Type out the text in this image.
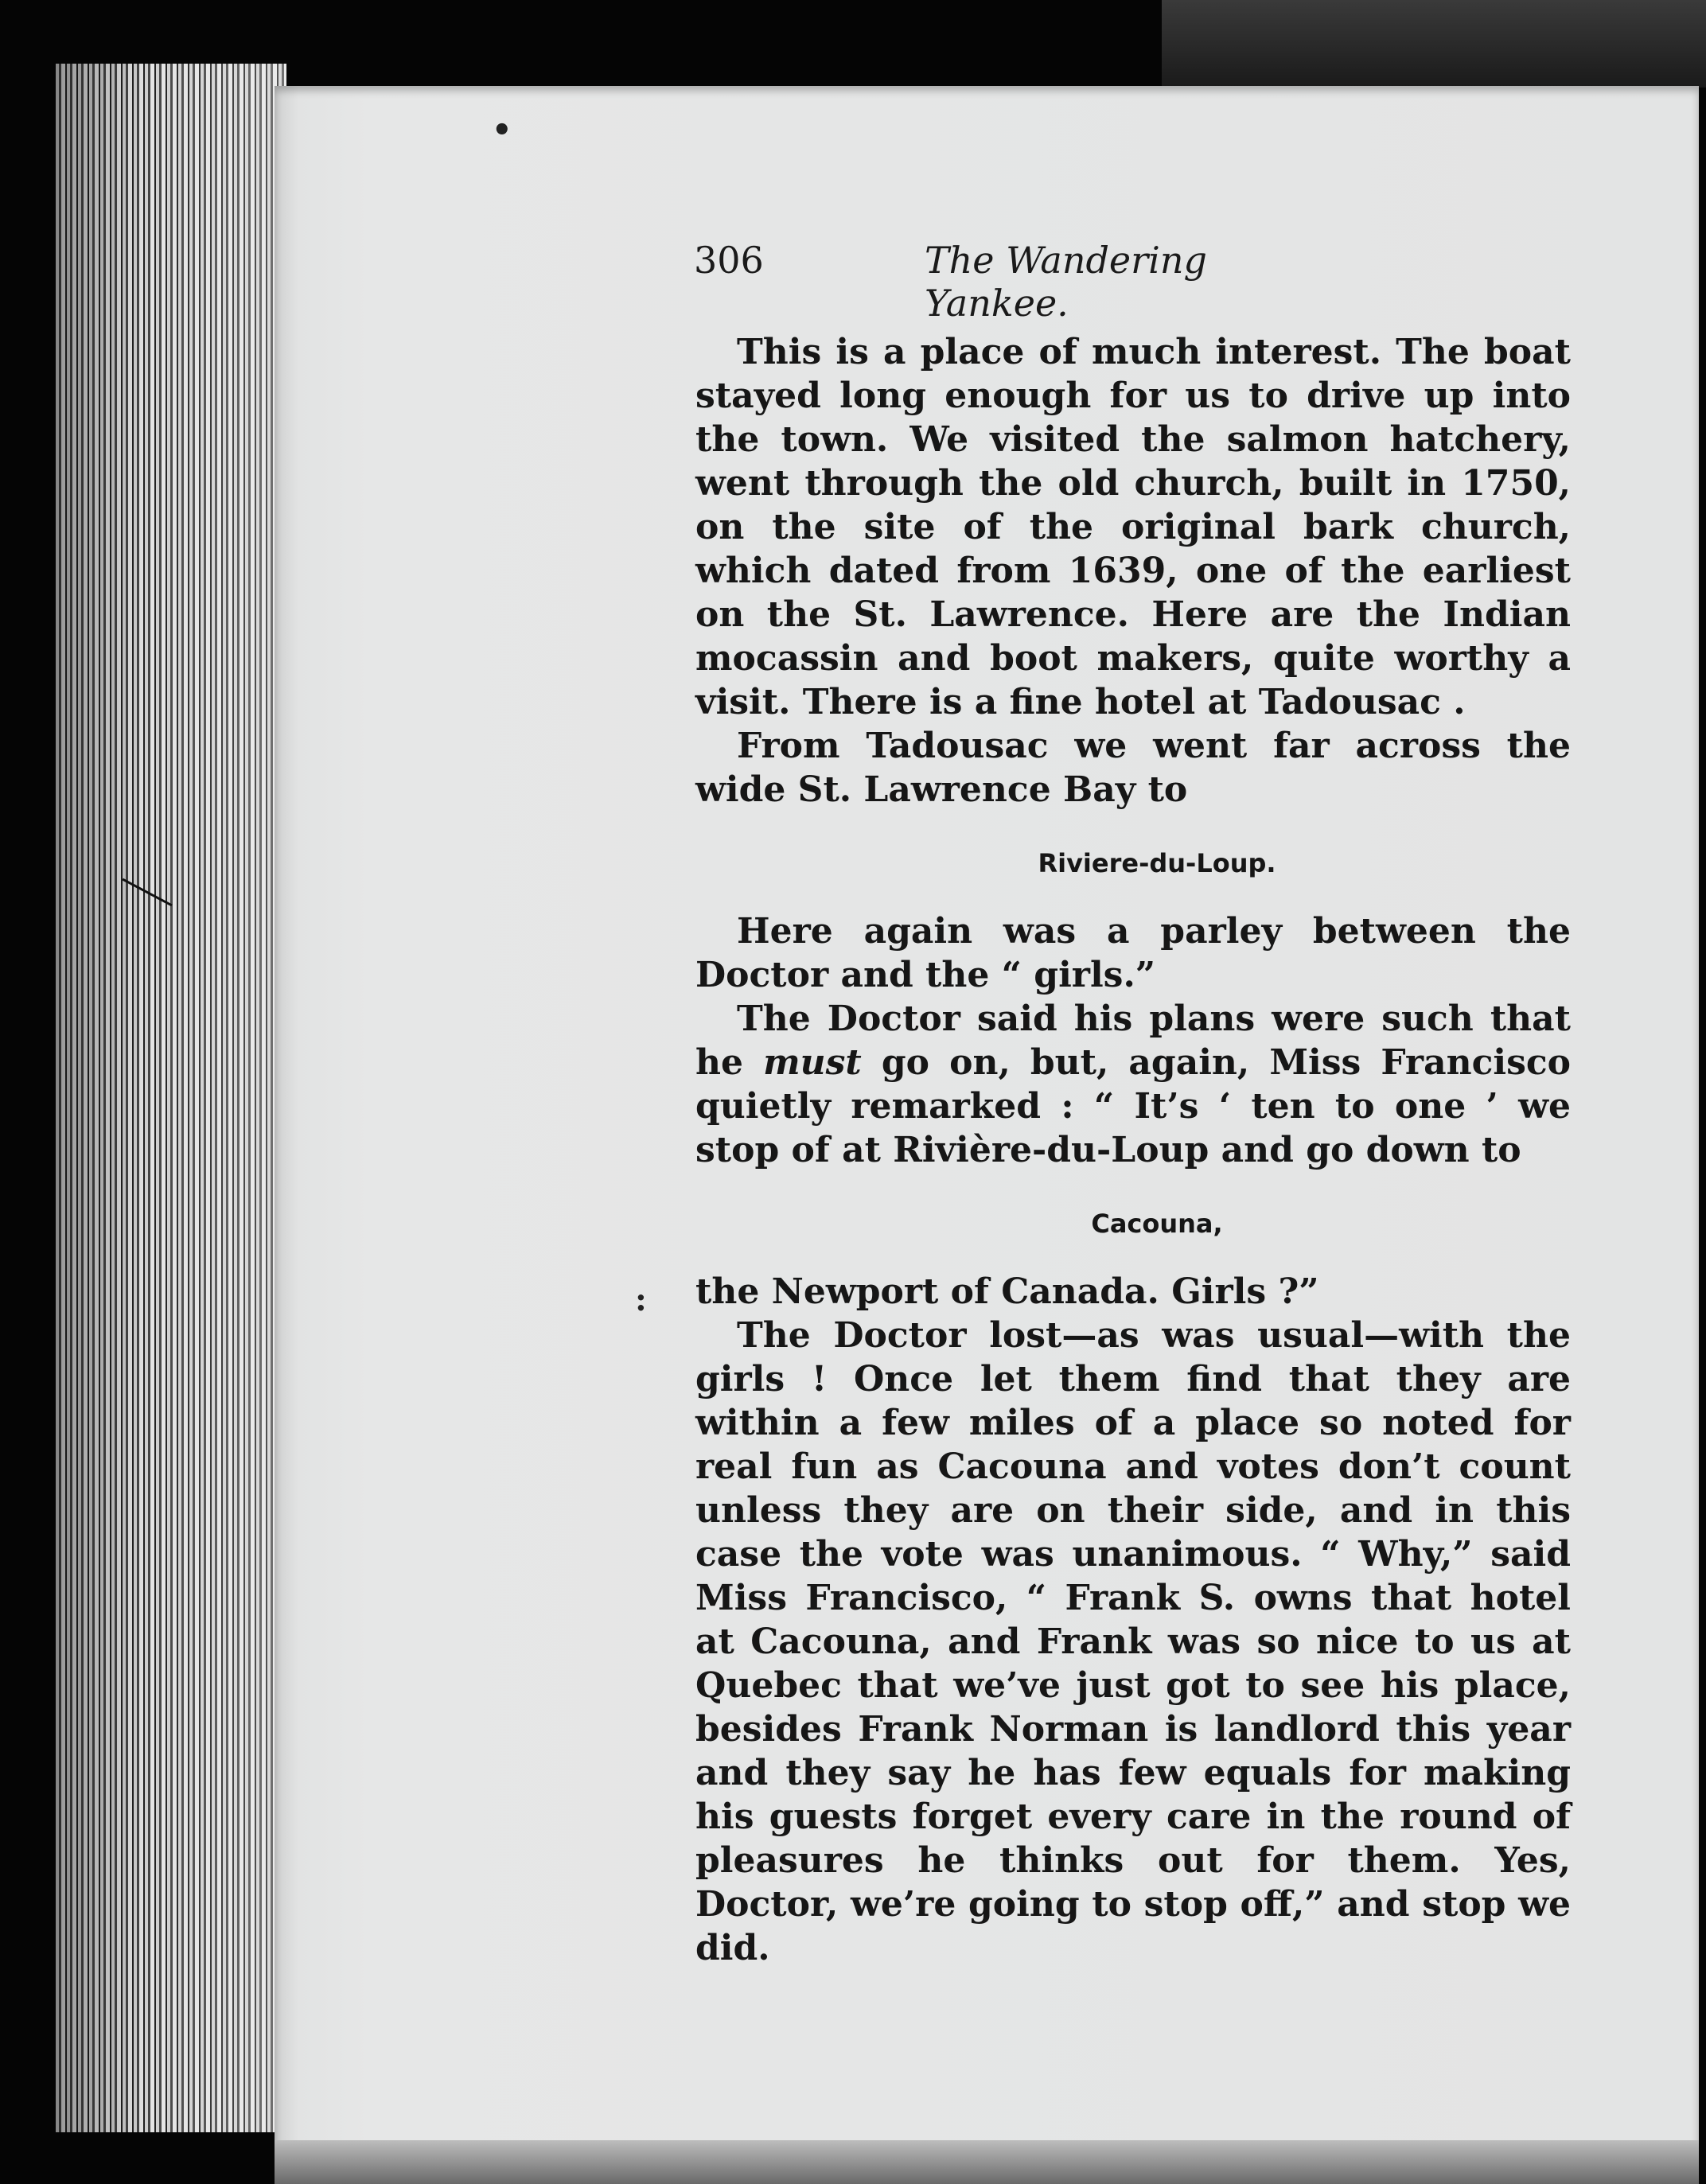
•
:
306	The Wandering Yankee.

This is a place of much interest. The boat stayed long enough for us to drive up into the town. We visited the salmon hatchery, went through the old church, built in 1750, on the site of the original bark church, which dated from 1639, one of the earliest on the St. Lawrence. Here are the Indian mocassin and boot makers, quite worthy a visit. There is a fine hotel at Tadousac .

From Tadousac we went far across the wide St. Lawrence Bay to

Riviere-du-Loup.

Here again was a parley between the Doctor and the “ girls.”

The Doctor said his plans were such that he must go on, but, again, Miss Francisco quietly remarked : “ It’s ‘ ten to one ’ we stop of at Rivière-du-Loup and go down to

Cacouna,

the Newport of Canada. Girls ?”

The Doctor lost—as was usual—with the girls ! Once let them find that they are within a few miles of a place so noted for real fun as Cacouna and votes don’t count unless they are on their side, and in this case the vote was unanimous. “ Why,” said Miss Francisco, “ Frank S. owns that hotel at Cacouna, and Frank was so nice to us at Quebec that we’ve just got to see his place, besides Frank Norman is landlord this year and they say he has few equals for making his guests forget every care in the round of pleasures he thinks out for them. Yes, Doctor, we’re going to stop off,” and stop we did.
